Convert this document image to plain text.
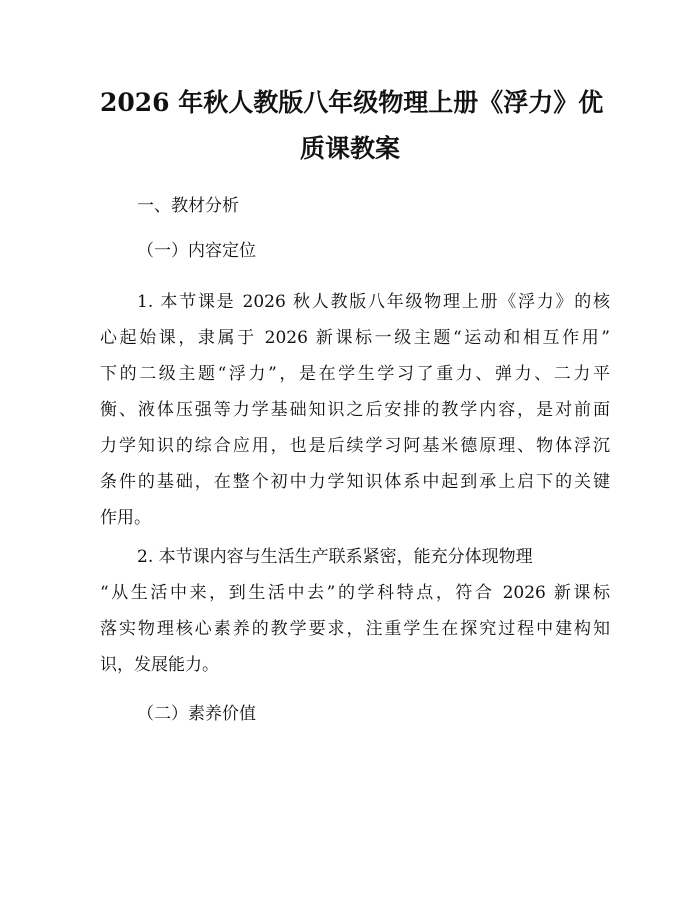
2026 年秋人教版八年级物理上册《浮力》优
质课教案
一、教材分析
（一）内容定位
1. 本节课是 2026 秋人教版八年级物理上册《浮力》的核
心起始课，隶属于 2026 新课标一级主题“运动和相互作用”
下的二级主题“浮力”，是在学生学习了重力、弹力、二力平
衡、液体压强等力学基础知识之后安排的教学内容，是对前面
力学知识的综合应用，也是后续学习阿基米德原理、物体浮沉
条件的基础，在整个初中力学知识体系中起到承上启下的关键
作用。
2. 本节课内容与生活生产联系紧密，能充分体现物理
“从生活中来，到生活中去”的学科特点，符合 2026 新课标
落实物理核心素养的教学要求，注重学生在探究过程中建构知
识，发展能力。
（二）素养价值
